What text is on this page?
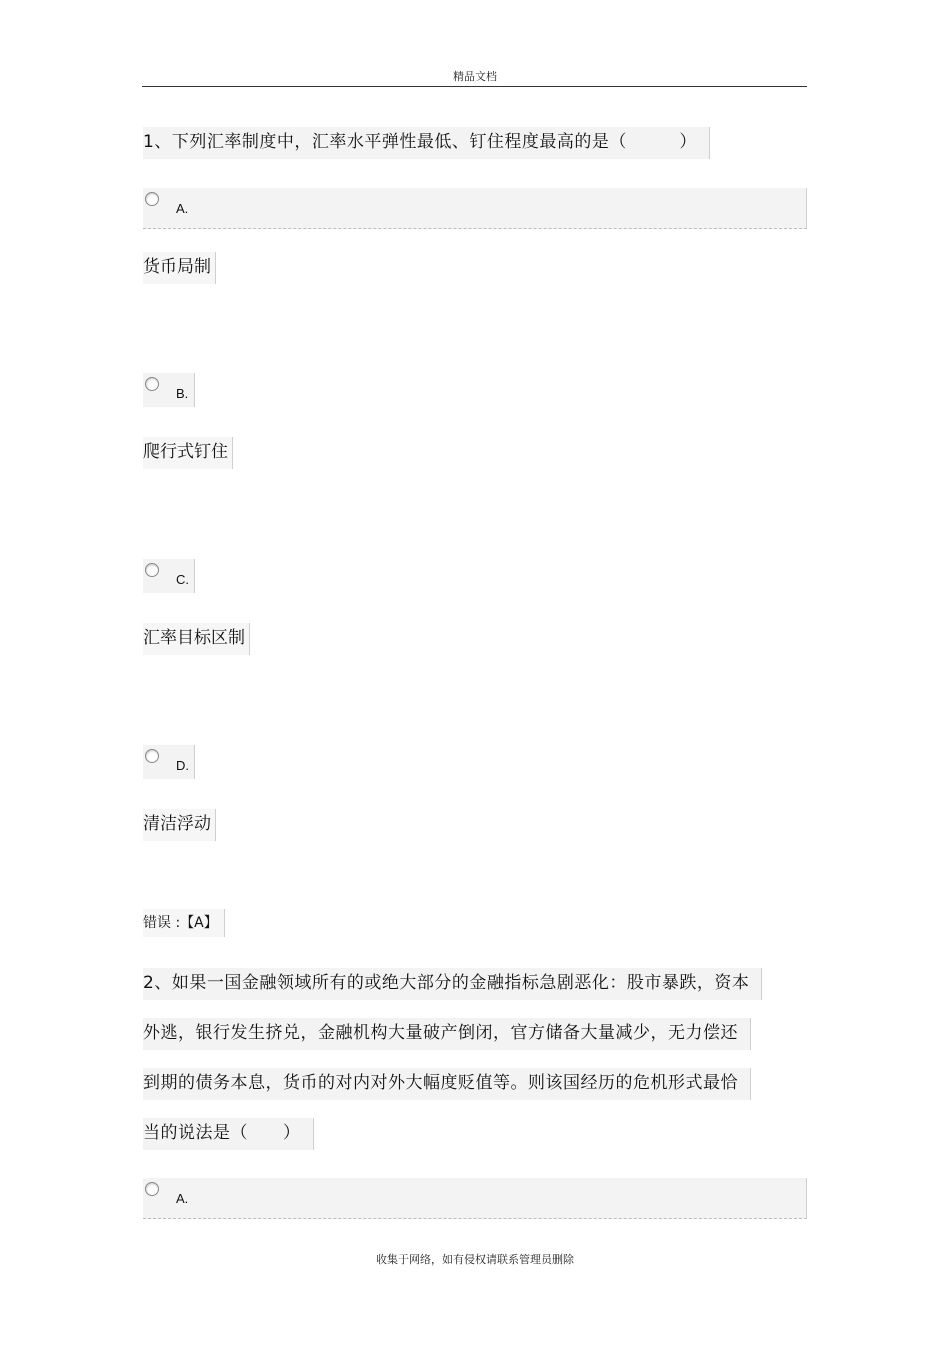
精品文档
1、下列汇率制度中，汇率水平弹性最低、钉住程度最高的是（　　　）
A.
货币局制
B.
爬行式钉住
C.
汇率目标区制
D.
清洁浮动
错误 :【A】
2、如果一国金融领域所有的或绝大部分的金融指标急剧恶化：股市暴跌，资本
外逃，银行发生挤兑，金融机构大量破产倒闭，官方储备大量减少，无力偿还
到期的债务本息，货币的对内对外大幅度贬值等。则该国经历的危机形式最恰
当的说法是（　　）
A.
收集于网络，如有侵权请联系管理员删除
